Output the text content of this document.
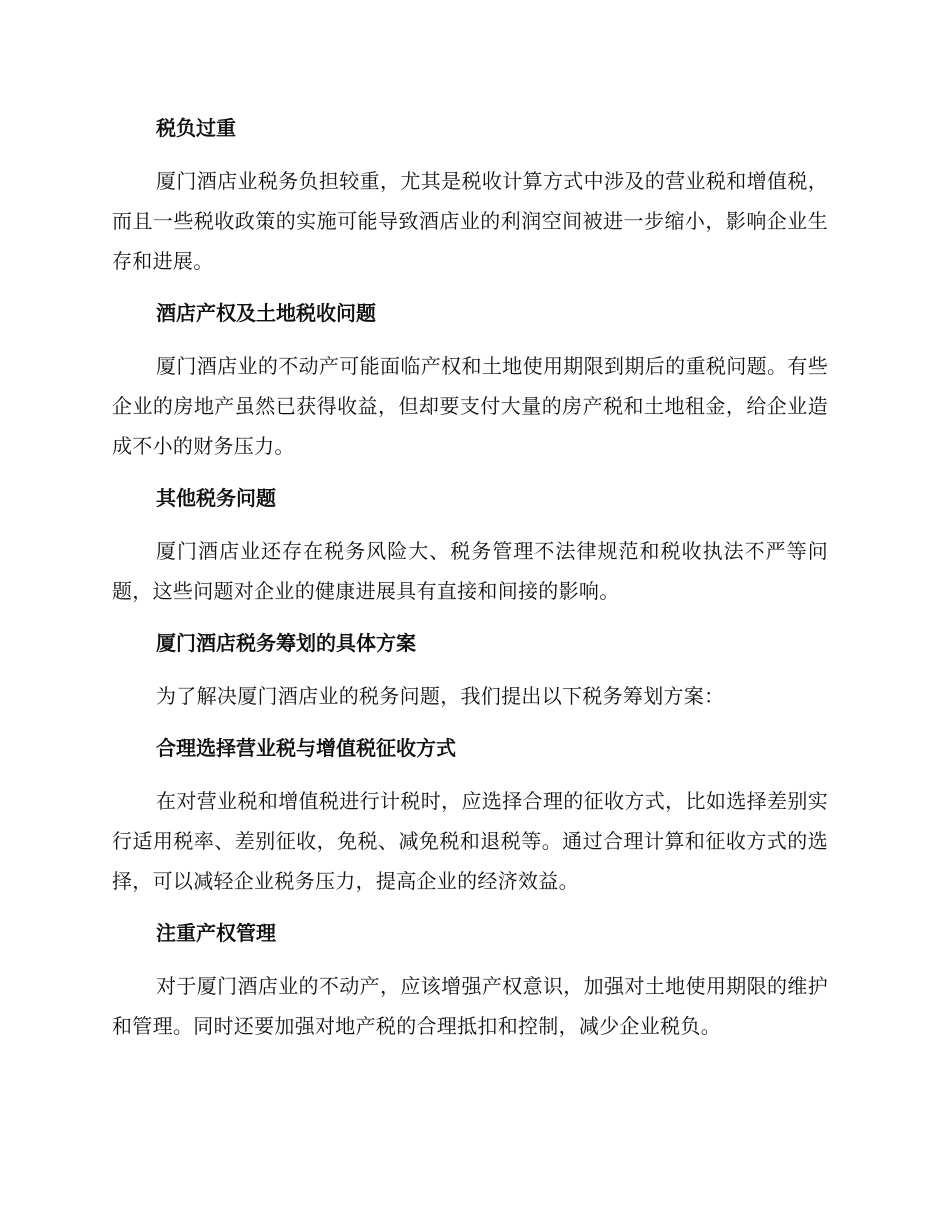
税负过重

厦门酒店业税务负担较重，尤其是税收计算方式中涉及的营业税和增值税，而且一些税收政策的实施可能导致酒店业的利润空间被进一步缩小，影响企业生存和进展。

酒店产权及土地税收问题

厦门酒店业的不动产可能面临产权和土地使用期限到期后的重税问题。有些企业的房地产虽然已获得收益，但却要支付大量的房产税和土地租金，给企业造成不小的财务压力。

其他税务问题

厦门酒店业还存在税务风险大、税务管理不法律规范和税收执法不严等问题，这些问题对企业的健康进展具有直接和间接的影响。

厦门酒店税务筹划的具体方案

为了解决厦门酒店业的税务问题，我们提出以下税务筹划方案：

合理选择营业税与增值税征收方式

在对营业税和增值税进行计税时，应选择合理的征收方式，比如选择差别实行适用税率、差别征收，免税、减免税和退税等。通过合理计算和征收方式的选择，可以减轻企业税务压力，提高企业的经济效益。

注重产权管理

对于厦门酒店业的不动产，应该增强产权意识，加强对土地使用期限的维护和管理。同时还要加强对地产税的合理抵扣和控制，减少企业税负。
